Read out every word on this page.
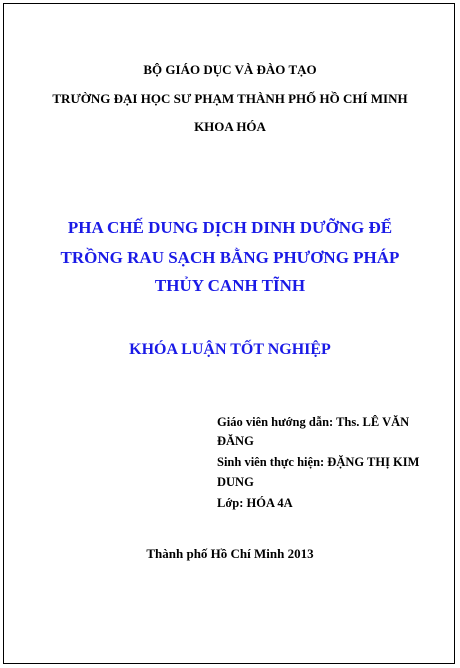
BỘ GIÁO DỤC VÀ ĐÀO TẠO
TRƯỜNG ĐẠI HỌC SƯ PHẠM THÀNH PHỐ HỒ CHÍ MINH
KHOA HÓA
PHA CHẾ DUNG DỊCH DINH DƯỠNG ĐỂ
TRỒNG RAU SẠCH BẰNG PHƯƠNG PHÁP
THỦY CANH TĨNH
KHÓA LUẬN TỐT NGHIỆP
Giáo viên hướng dẫn: Ths. LÊ VĂN
ĐĂNG
Sinh viên thực hiện: ĐẶNG THỊ KIM
DUNG
Lớp: HÓA 4A
Thành phố Hồ Chí Minh 2013
